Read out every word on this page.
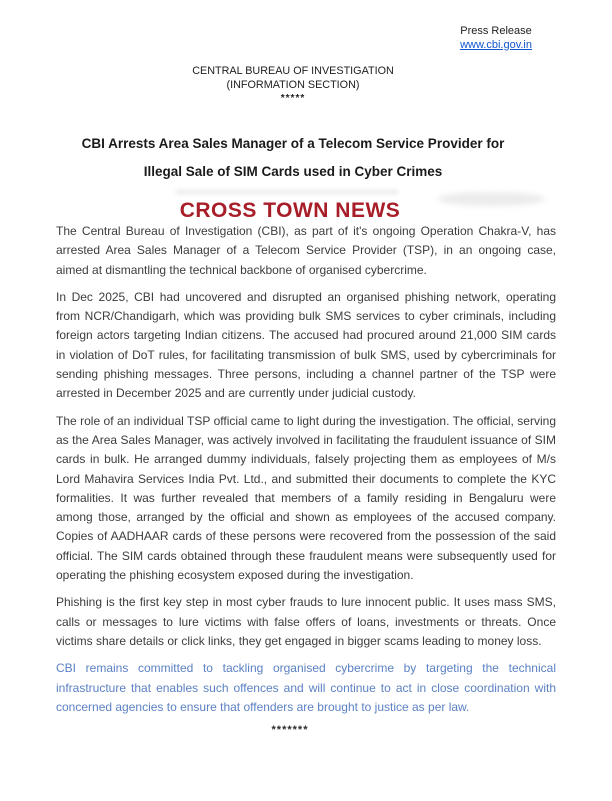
Press Release
www.cbi.gov.in
CENTRAL BUREAU OF INVESTIGATION
(INFORMATION SECTION)
*****
CBI Arrests Area Sales Manager of a Telecom Service Provider for
Illegal Sale of SIM Cards used in Cyber Crimes
CROSS TOWN NEWS

The Central Bureau of Investigation (CBI), as part of it's ongoing Operation Chakra-V, has arrested Area Sales Manager of a Telecom Service Provider (TSP), in an ongoing case, aimed at dismantling the technical backbone of organised cybercrime.

In Dec 2025, CBI had uncovered and disrupted an organised phishing network, operating from NCR/Chandigarh, which was providing bulk SMS services to cyber criminals, including foreign actors targeting Indian citizens. The accused had procured around 21,000 SIM cards in violation of DoT rules, for facilitating transmission of bulk SMS, used by cybercriminals for sending phishing messages. Three persons, including a channel partner of the TSP were arrested in December 2025 and are currently under judicial custody.

The role of an individual TSP official came to light during the investigation. The official, serving as the Area Sales Manager, was actively involved in facilitating the fraudulent issuance of SIM cards in bulk. He arranged dummy individuals, falsely projecting them as employees of M/s Lord Mahavira Services India Pvt. Ltd., and submitted their documents to complete the KYC formalities. It was further revealed that members of a family residing in Bengaluru were among those, arranged by the official and shown as employees of the accused company. Copies of AADHAAR cards of these persons were recovered from the possession of the said official. The SIM cards obtained through these fraudulent means were subsequently used for operating the phishing ecosystem exposed during the investigation.

Phishing is the first key step in most cyber frauds to lure innocent public. It uses mass SMS, calls or messages to lure victims with false offers of loans, investments or threats. Once victims share details or click links, they get engaged in bigger scams leading to money loss.

CBI remains committed to tackling organised cybercrime by targeting the technical infrastructure that enables such offences and will continue to act in close coordination with concerned agencies to ensure that offenders are brought to justice as per law.

*******
